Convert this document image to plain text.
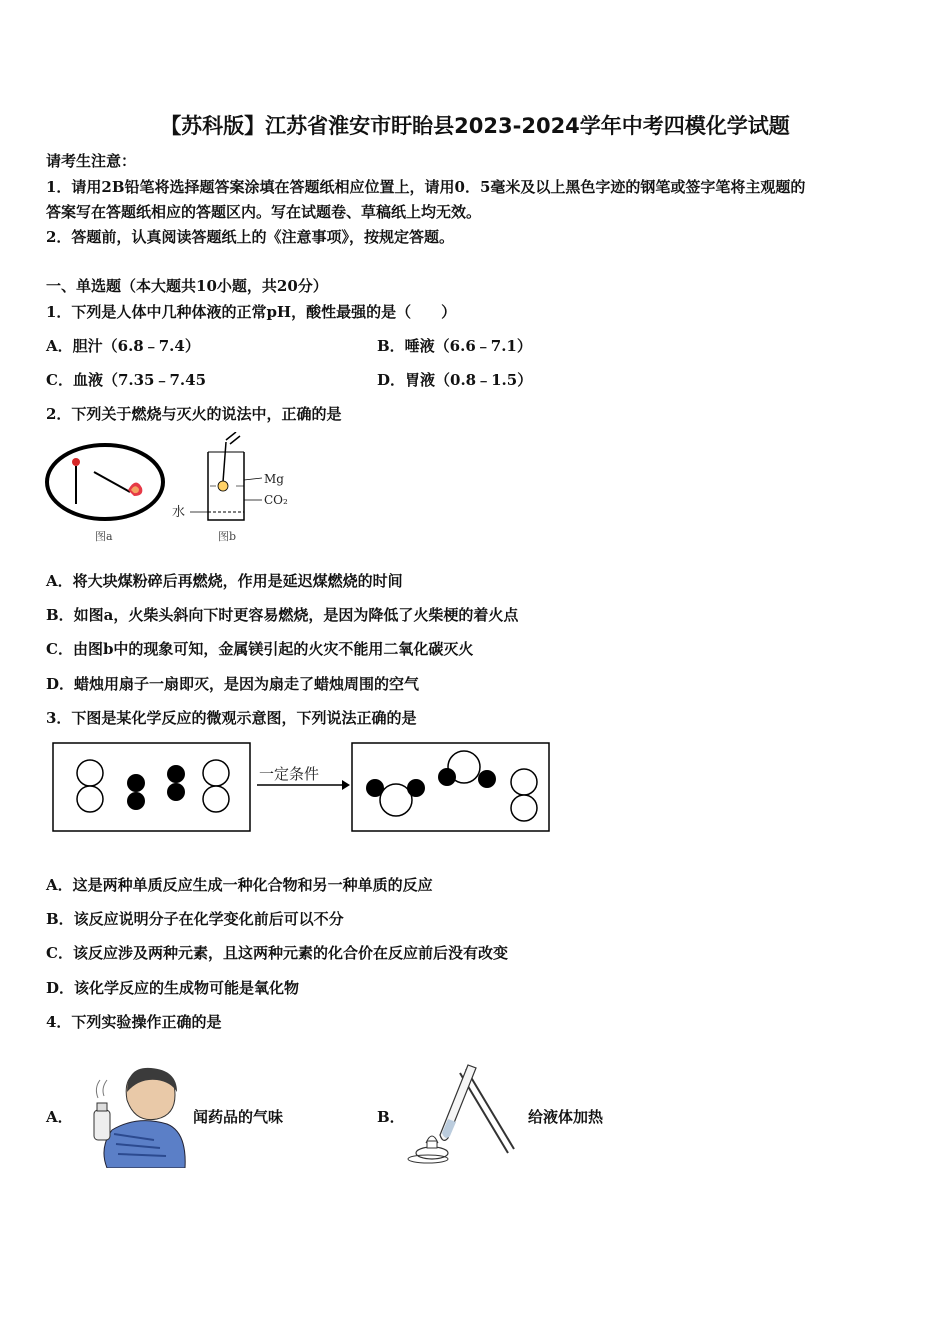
【苏科版】江苏省淮安市盱眙县2023-2024学年中考四模化学试题
请考生注意：
1．请用2B铅笔将选择题答案涂填在答题纸相应位置上，请用0．5毫米及以上黑色字迹的钢笔或签字笔将主观题的
答案写在答题纸相应的答题区内。写在试题卷、草稿纸上均无效。
2．答题前，认真阅读答题纸上的《注意事项》，按规定答题。
一、单选题（本大题共10小题，共20分）
1．下列是人体中几种体液的正常pH，酸性最强的是（　　）
A．胆汁（6.8﹣7.4）	B．唾液（6.6﹣7.1）
C．血液（7.35﹣7.45	D．胃液（0.8﹣1.5）
2．下列关于燃烧与灭火的说法中，正确的是
图a
Mg
CO₂
水
图b
A．将大块煤粉碎后再燃烧，作用是延迟煤燃烧的时间
B．如图a，火柴头斜向下时更容易燃烧，是因为降低了火柴梗的着火点
C．由图b中的现象可知，金属镁引起的火灾不能用二氧化碳灭火
D．蜡烛用扇子一扇即灭，是因为扇走了蜡烛周围的空气
3．下图是某化学反应的微观示意图，下列说法正确的是
一定条件
A．这是两种单质反应生成一种化合物和另一种单质的反应
B．该反应说明分子在化学变化前后可以不分
C．该反应涉及两种元素，且这两种元素的化合价在反应前后没有改变
D．该化学反应的生成物可能是氧化物
4．下列实验操作正确的是
A．	闻药品的气味	B．	给液体加热
